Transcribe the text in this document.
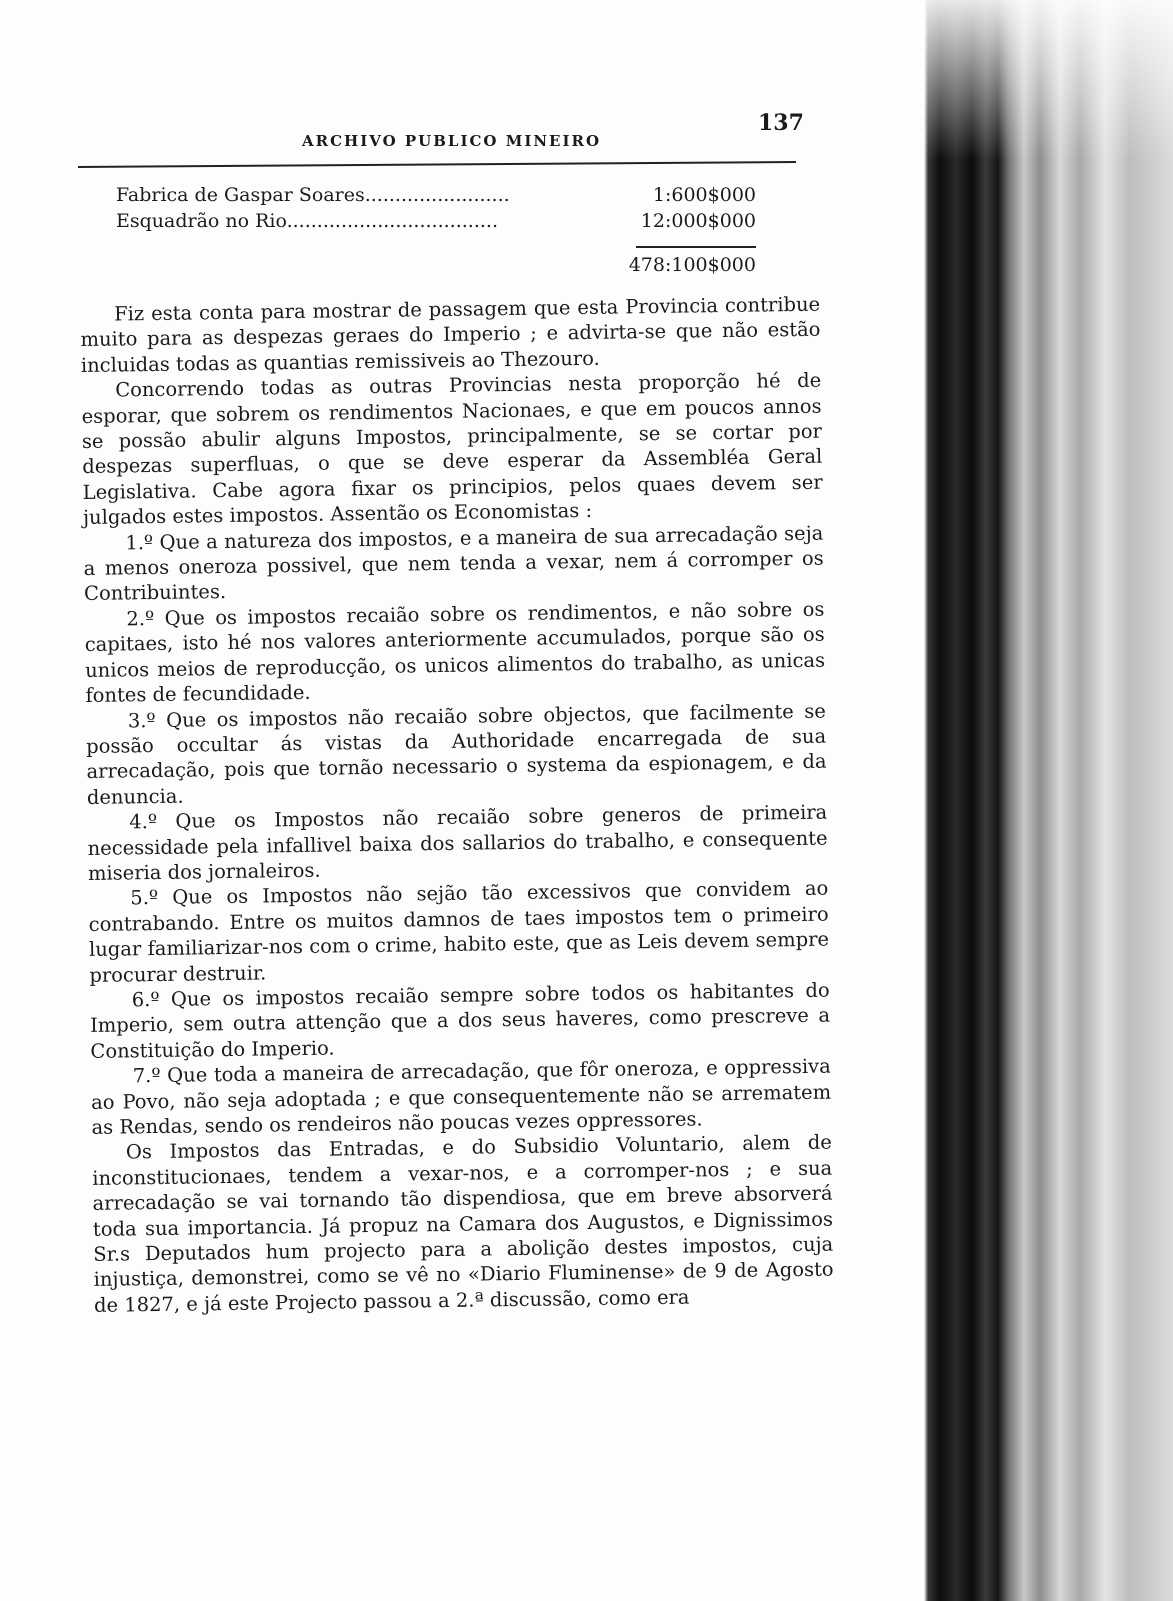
ARCHIVO PUBLICO MINEIRO
137
Fabrica de Gaspar Soares........................	1:600$000
Esquadrão no Rio...................................	12:000$000
478:100$000

Fiz esta conta para mostrar de passagem que esta Provincia contribue muito para as despezas geraes do Imperio ; e advirta-se que não estão incluidas todas as quantias remissiveis ao Thezouro.

Concorrendo todas as outras Provincias nesta proporção hé de esporar, que sobrem os rendimentos Nacionaes, e que em poucos annos se possão abulir alguns Impostos, principalmente, se se cortar por despezas superfluas, o que se deve esperar da Assembléa Geral Legislativa. Cabe agora fixar os principios, pelos quaes devem ser julgados estes impostos. Assentão os Economistas :

1.º Que a natureza dos impostos, e a maneira de sua arrecadação seja a menos oneroza possivel, que nem tenda a vexar, nem á corromper os Contribuintes.

2.º Que os impostos recaião sobre os rendimentos, e não sobre os capitaes, isto hé nos valores anteriormente accumulados, porque são os unicos meios de reproducção, os unicos alimentos do trabalho, as unicas fontes de fecundidade.

3.º Que os impostos não recaião sobre objectos, que facilmente se possão occultar ás vistas da Authoridade encarregada de sua arrecadação, pois que tornão necessario o systema da espionagem, e da denuncia.

4.º Que os Impostos não recaião sobre generos de primeira necessidade pela infallivel baixa dos sallarios do trabalho, e consequente miseria dos jornaleiros.

5.º Que os Impostos não sejão tão excessivos que convidem ao contrabando. Entre os muitos damnos de taes impostos tem o primeiro lugar familiarizar-nos com o crime, habito este, que as Leis devem sempre procurar destruir.

6.º Que os impostos recaião sempre sobre todos os habitantes do Imperio, sem outra attenção que a dos seus haveres, como prescreve a Constituição do Imperio.

7.º Que toda a maneira de arrecadação, que fôr oneroza, e oppressiva ao Povo, não seja adoptada ; e que consequentemente não se arrematem as Rendas, sendo os rendeiros não poucas vezes oppressores.

Os Impostos das Entradas, e do Subsidio Voluntario, alem de inconstitucionaes, tendem a vexar-nos, e a corromper-nos ; e sua arrecadação se vai tornando tão dispendiosa, que em breve absorverá toda sua importancia. Já propuz na Camara dos Augustos, e Dignissimos Sr.s Deputados hum projecto para a abolição destes impostos, cuja injustiça, demonstrei, como se vê no «Diario Fluminense» de 9 de Agosto de 1827, e já este Projecto passou a 2.ª discussão, como era
